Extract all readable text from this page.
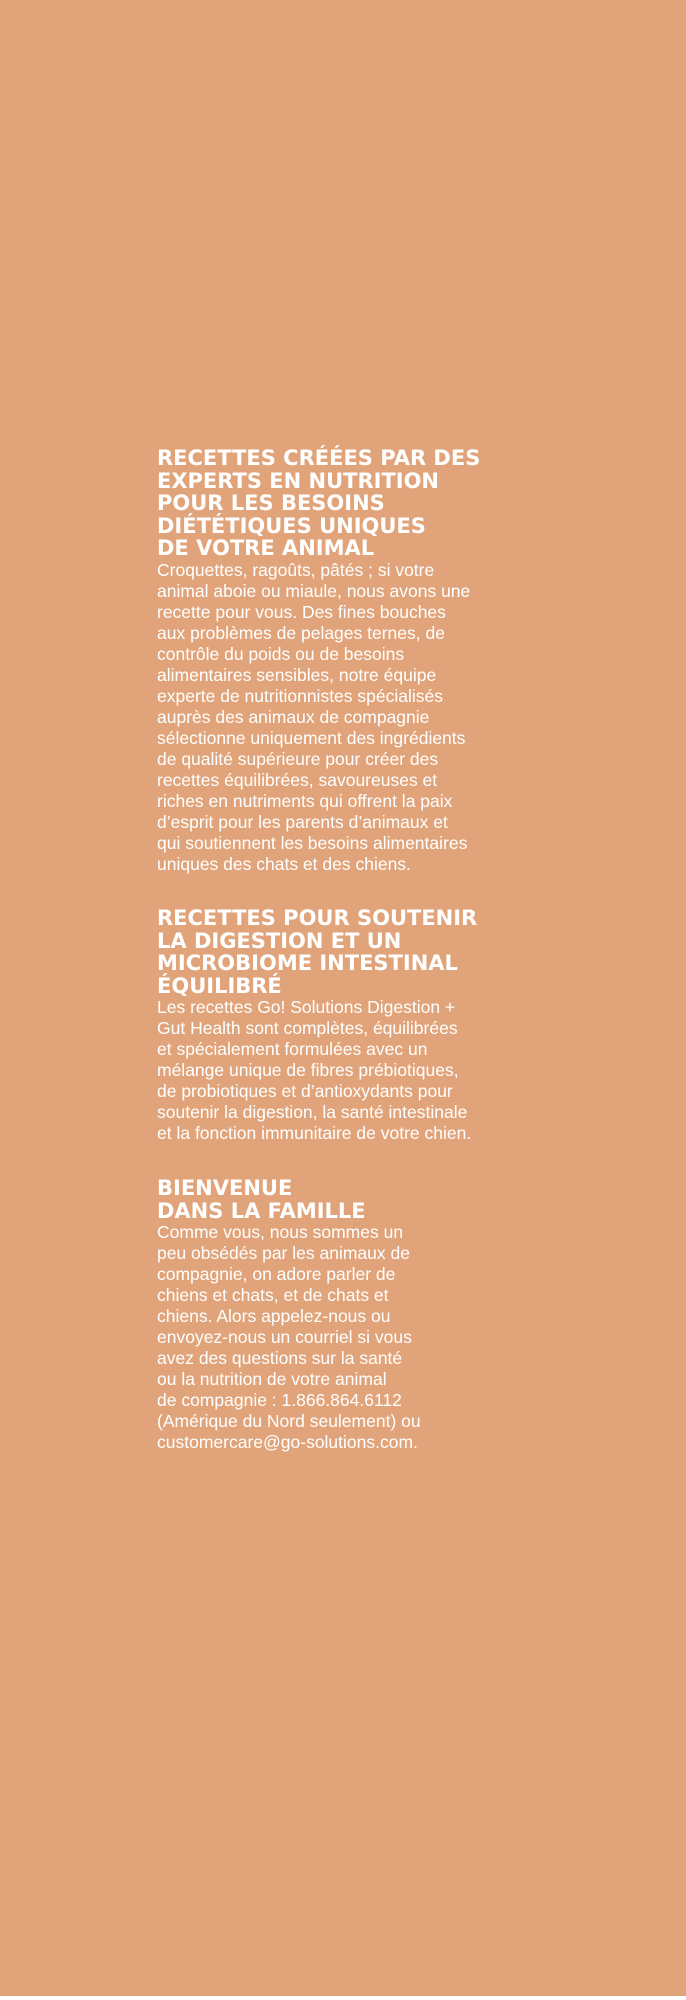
RECETTES CRÉÉES PAR DES
EXPERTS EN NUTRITION
POUR LES BESOINS
DIÉTÉTIQUES UNIQUES
DE VOTRE ANIMAL

Croquettes, ragoûts, pâtés ; si votre
animal aboie ou miaule, nous avons une
recette pour vous. Des fines bouches
aux problèmes de pelages ternes, de
contrôle du poids ou de besoins
alimentaires sensibles, notre équipe
experte de nutritionnistes spécialisés
auprès des animaux de compagnie
sélectionne uniquement des ingrédients
de qualité supérieure pour créer des
recettes équilibrées, savoureuses et
riches en nutriments qui offrent la paix
d’esprit pour les parents d’animaux et
qui soutiennent les besoins alimentaires
uniques des chats et des chiens.

RECETTES POUR SOUTENIR
LA DIGESTION ET UN
MICROBIOME INTESTINAL
ÉQUILIBRÉ

Les recettes Go! Solutions Digestion +
Gut Health sont complètes, équilibrées
et spécialement formulées avec un
mélange unique de fibres prébiotiques,
de probiotiques et d’antioxydants pour
soutenir la digestion, la santé intestinale
et la fonction immunitaire de votre chien.

BIENVENUE
DANS LA FAMILLE

Comme vous, nous sommes un
peu obsédés par les animaux de
compagnie, on adore parler de
chiens et chats, et de chats et
chiens. Alors appelez-nous ou
envoyez-nous un courriel si vous
avez des questions sur la santé
ou la nutrition de votre animal
de compagnie : 1.866.864.6112
(Amérique du Nord seulement) ou
customercare@go-solutions.com.
